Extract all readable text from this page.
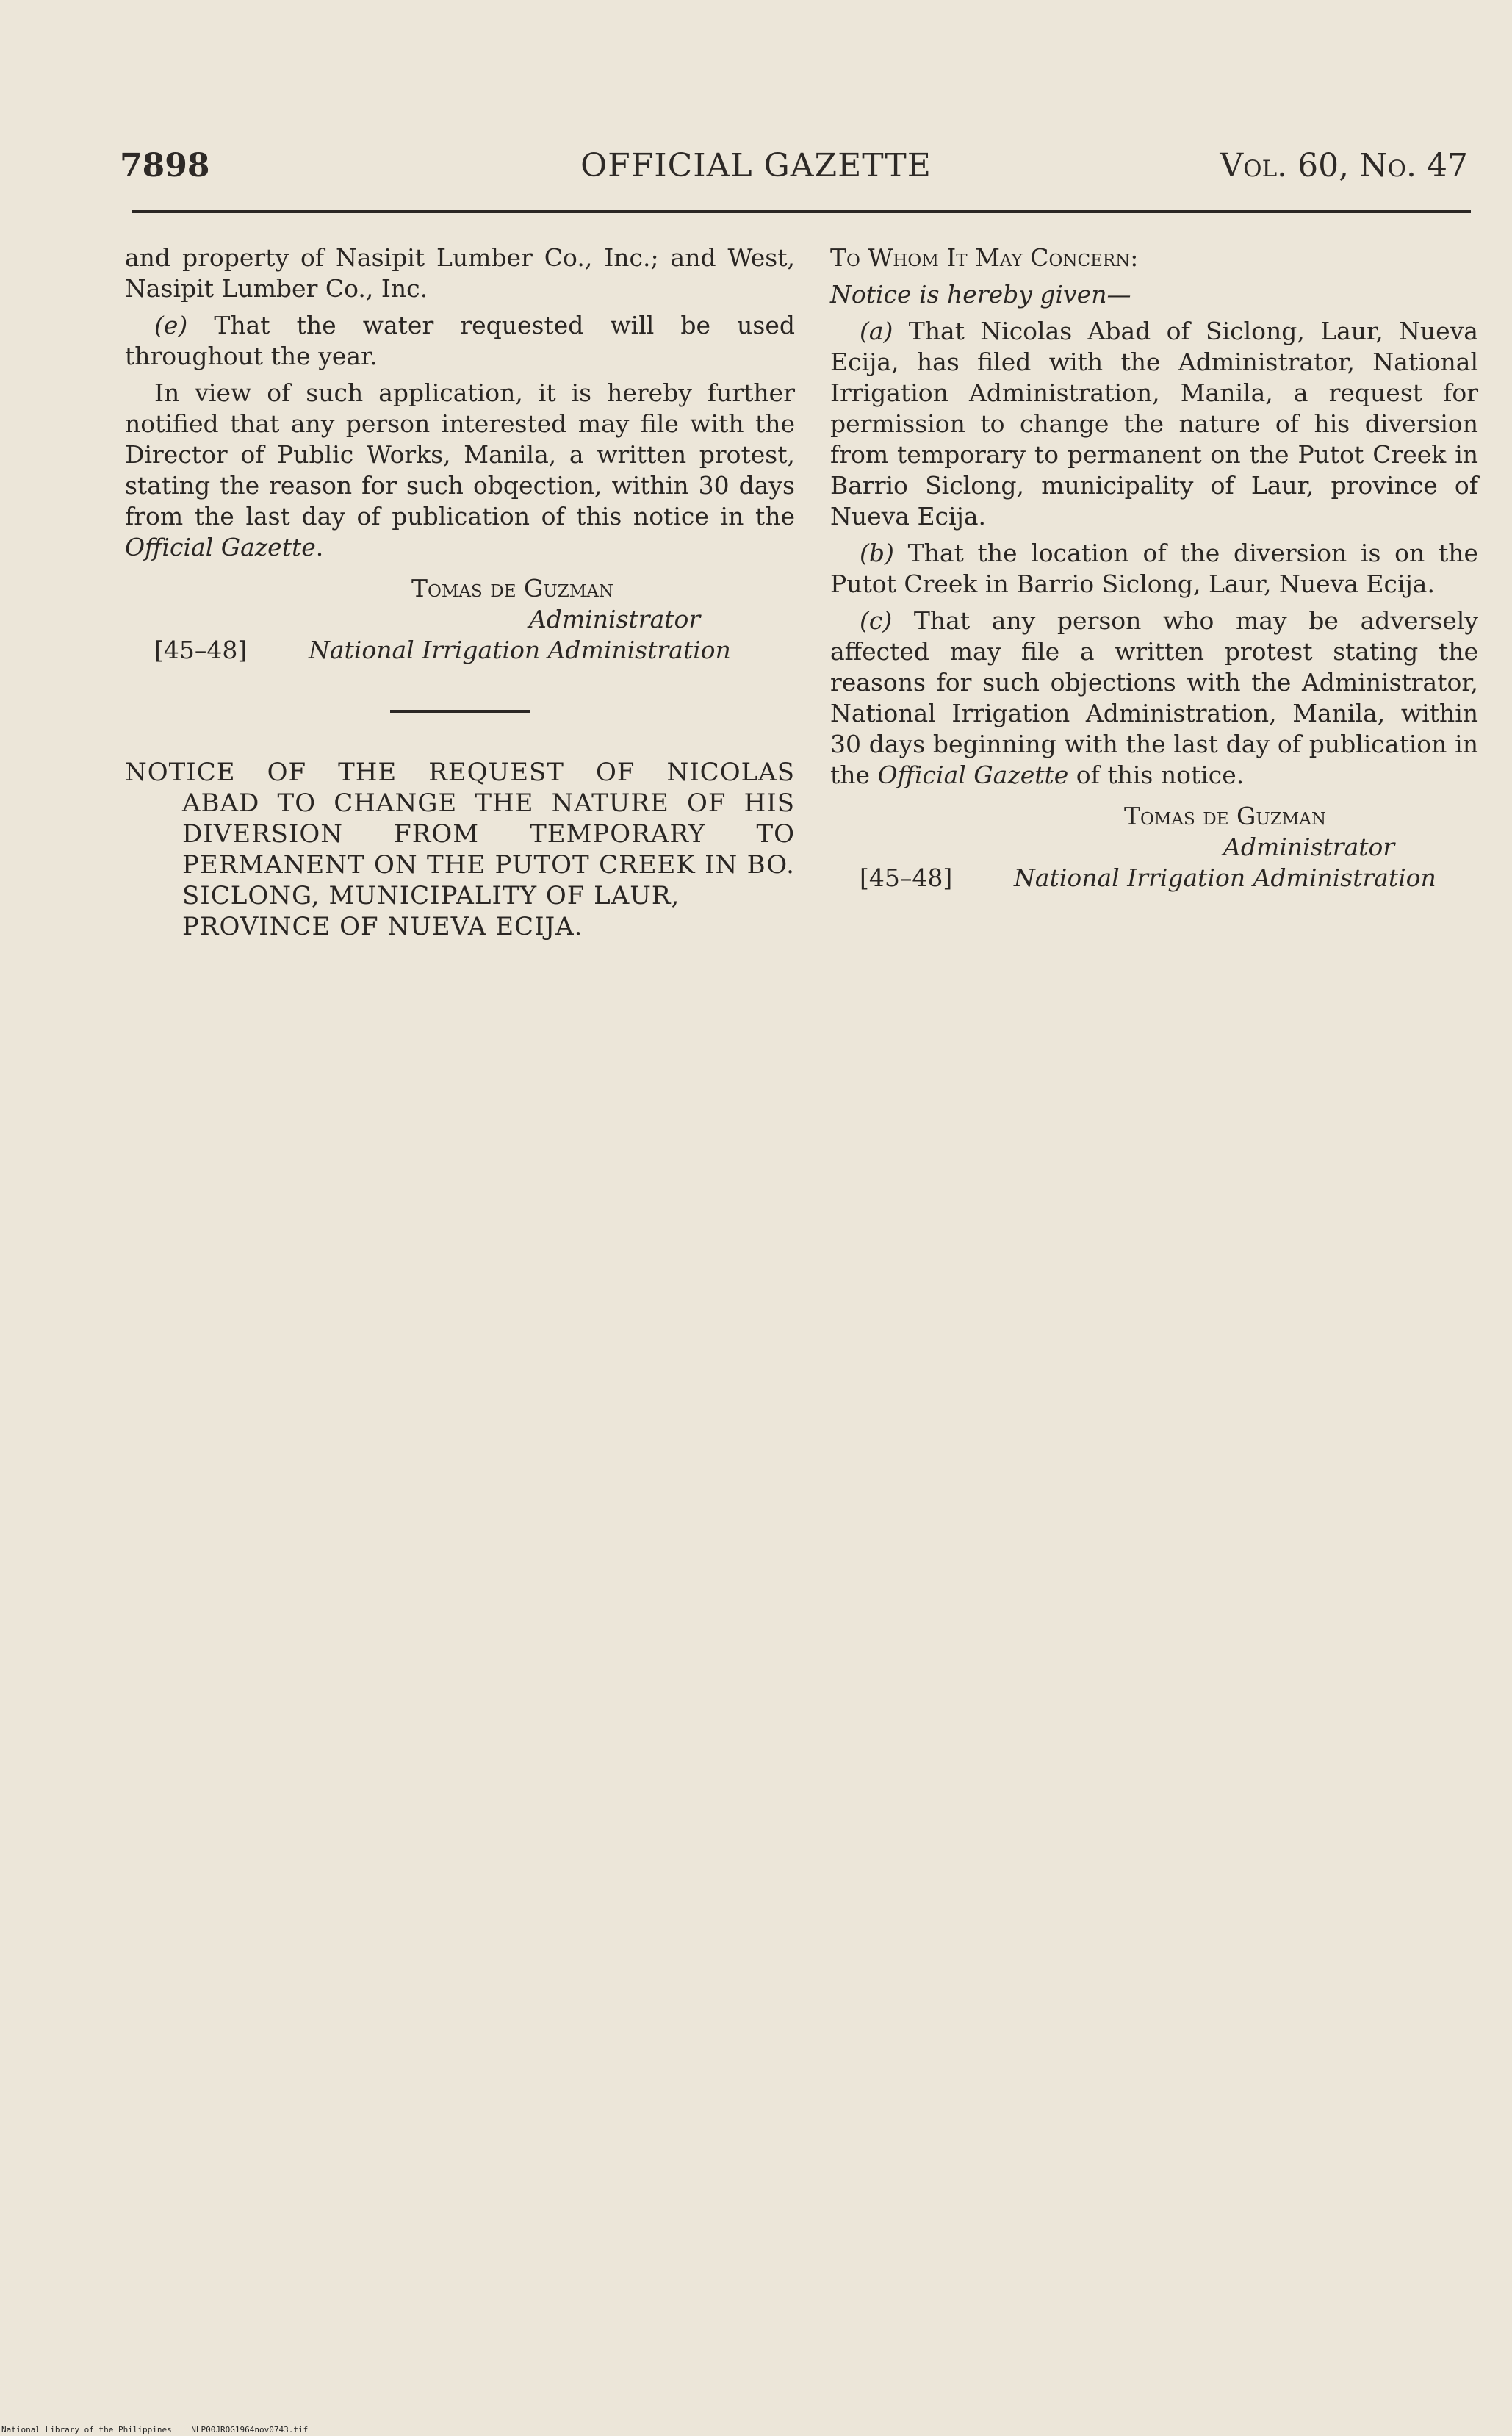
7898	OFFICIAL GAZETTE	Vol. 60, No. 47

and property of Nasipit Lumber Co., Inc.; and West, Nasipit Lumber Co., Inc.

(e) That the water requested will be used throughout the year.

In view of such application, it is hereby further notified that any person interested may file with the Director of Public Works, Manila, a written protest, stating the reason for such obqection, within 30 days from the last day of publication of this notice in the Official Gazette.

Tomas de Guzman
Administrator
[45–48]	National Irrigation Administration
NOTICE OF THE REQUEST OF NICOLAS
ABAD TO CHANGE THE NATURE OF HIS DIVERSION FROM TEMPORARY TO PERMANENT ON THE PUTOT CREEK IN BO. SICLONG, MUNICIPALITY OF LAUR,
PROVINCE OF NUEVA ECIJA.

To Whom It May Concern:

Notice is hereby given—

(a) That Nicolas Abad of Siclong, Laur, Nueva Ecija, has filed with the Administrator, National Irrigation Administration, Manila, a request for permission to change the nature of his diversion from temporary to permanent on the Putot Creek in Barrio Siclong, municipality of Laur, province of Nueva Ecija.

(b) That the location of the diversion is on the Putot Creek in Barrio Siclong, Laur, Nueva Ecija.

(c) That any person who may be adversely affected may file a written protest stating the reasons for such objections with the Administrator, National Irrigation Administration, Manila, within 30 days beginning with the last day of publication in the Official Gazette of this notice.

Tomas de Guzman
Administrator
[45–48]	National Irrigation Administration
National Library of the Philippines    NLP00JROG1964nov0743.tif
